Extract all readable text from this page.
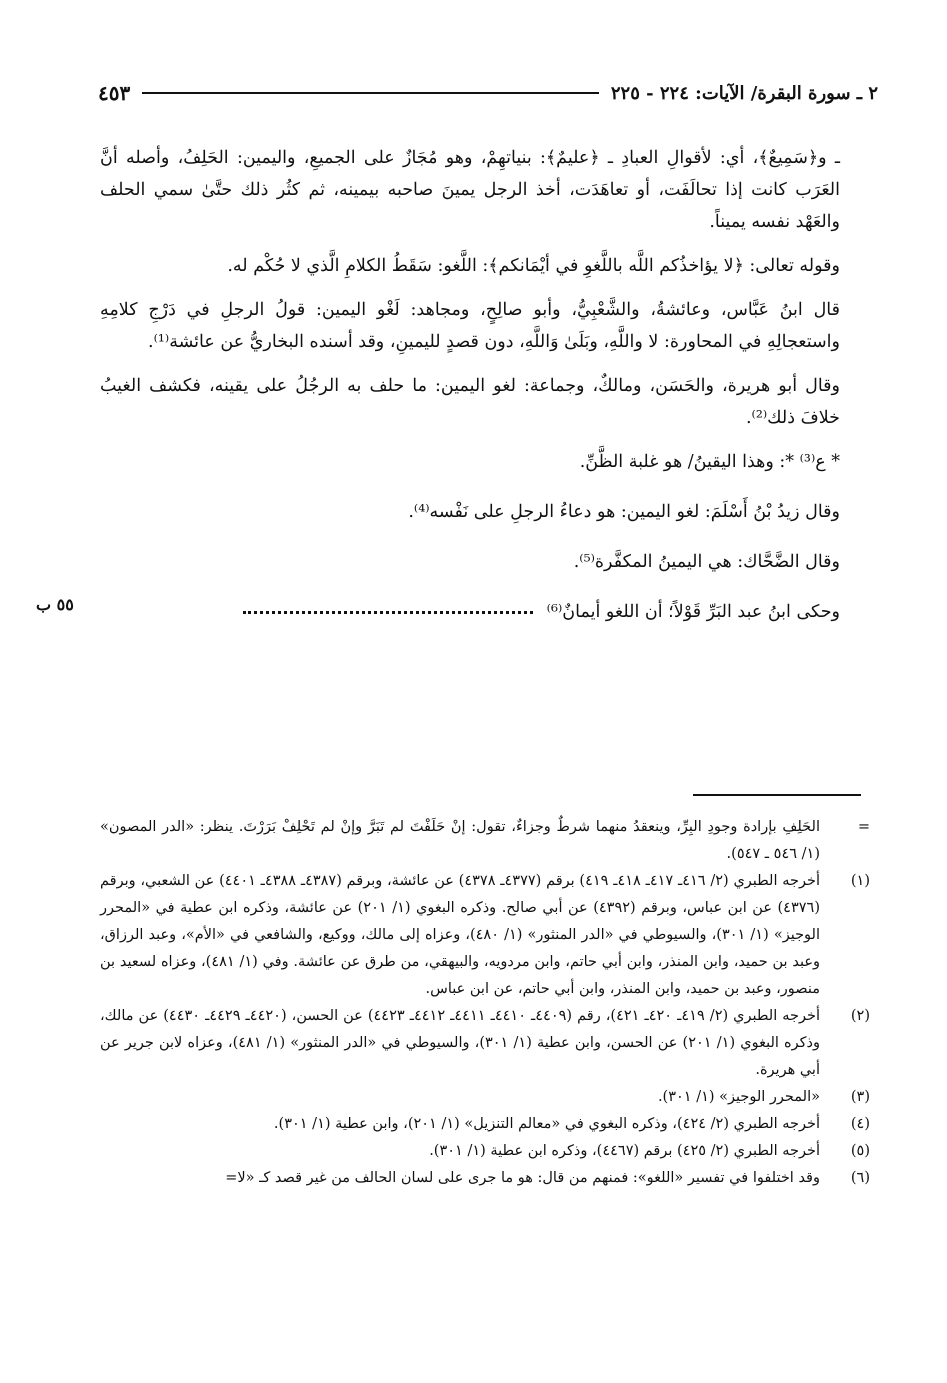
٢ ـ سورة البقرة/ الآيات: ٢٢٤ - ٢٢٥
٤٥٣

ـ و﴿سَمِيعٌ﴾، أي: لأقوالِ العبادِ ـ ﴿عليمٌ﴾: بنياتهِمْ، وهو مُجَازٌ على الجميعِ، واليمين: الحَلِفُ، وأصله أنَّ العَرَب كانت إذا تحالَفَت، أو تعاهَدَت، أخذ الرجل يمينَ صاحبه بيمينه، ثم كثُر ذلك حتَّىٰ سمي الحلف والعَهْد نفسه يميناً.

وقوله تعالى: ﴿لا يؤاخذُكم اللَّه باللَّغوِ في أيْمَانكم﴾: اللَّغو: سَقَطُ الكلامِ الَّذي لا حُكْم له.

قال ابنُ عَبَّاس، وعائشةُ، والشَّعْبِيُّ، وأبو صالِحٍ، ومجاهد: لَغْو اليمين: قولُ الرجلِ في دَرْجِ كلامِهِ واستعجالِهِ في المحاورة: لا واللَّهِ، وبَلَىٰ وَاللَّهِ، دون قصدٍ لليمينِ، وقد أسنده البخاريُّ عن عائشة⁽¹⁾.

وقال أبو هريرة، والحَسَن، ومالكٌ، وجماعة: لغو اليمين: ما حلف به الرجُلُ على يقينه، فكشف الغيبُ خلافَ ذلك⁽²⁾.

* ع⁽³⁾ *: وهذا اليقينُ/ هو غلبة الظَّنِّ.

وقال زيدُ بْنُ أَسْلَمَ: لغو اليمين: هو دعاءُ الرجلِ على نَفْسه⁽⁴⁾.

وقال الضَّحَّاك: هي اليمينُ المكفَّرة⁽⁵⁾.

وحكى ابنُ عبد البَرِّ قَوْلاً؛ أن اللغو أيمانٌ⁽⁶⁾

٥٥ ب
=
الحَلِفِ بإرادة وجودِ البِرِّ، وينعقدُ منهما شرطٌ وجزاءٌ، تقول: إنْ حَلَفْتَ لم تَبَرَّ وإنْ لم تَحْلِفْ بَرَرْتَ. ينظر: «الدر المصون» (١/ ٥٤٦ ـ ٥٤٧).
(١)
أخرجه الطبري (٢/ ٤١٦ـ ٤١٧ـ ٤١٨ـ ٤١٩) برقم (٤٣٧٧ـ ٤٣٧٨) عن عائشة، وبرقم (٤٣٨٧ـ ٤٣٨٨ـ ٤٤٠١) عن الشعبي، وبرقم (٤٣٧٦) عن ابن عباس، وبرقم (٤٣٩٢) عن أبي صالح. وذكره البغوي (١/ ٢٠١) عن عائشة، وذكره ابن عطية في «المحرر الوجيز» (١/ ٣٠١)، والسيوطي في «الدر المنثور» (١/ ٤٨٠)، وعزاه إلى مالك، ووكيع، والشافعي في «الأم»، وعبد الرزاق، وعبد بن حميد، وابن المنذر، وابن أبي حاتم، وابن مردويه، والبيهقي، من طرق عن عائشة. وفي (١/ ٤٨١)، وعزاه لسعيد بن منصور، وعبد بن حميد، وابن المنذر، وابن أبي حاتم، عن ابن عباس.
(٢)
أخرجه الطبري (٢/ ٤١٩ـ ٤٢٠ـ ٤٢١)، رقم (٤٤٠٩ـ ٤٤١٠ـ ٤٤١١ـ ٤٤١٢ـ ٤٤٢٣) عن الحسن، (٤٤٢٠ـ ٤٤٢٩ـ ٤٤٣٠) عن مالك، وذكره البغوي (١/ ٢٠١) عن الحسن، وابن عطية (١/ ٣٠١)، والسيوطي في «الدر المنثور» (١/ ٤٨١)، وعزاه لابن جرير عن أبي هريرة.
(٣)
«المحرر الوجيز» (١/ ٣٠١).
(٤)
أخرجه الطبري (٢/ ٤٢٤)، وذكره البغوي في «معالم التنزيل» (١/ ٢٠١)، وابن عطية (١/ ٣٠١).
(٥)
أخرجه الطبري (٢/ ٤٢٥) برقم (٤٤٦٧)، وذكره ابن عطية (١/ ٣٠١).
(٦)
وقد اختلفوا في تفسير «اللغو»: فمنهم من قال: هو ما جرى على لسان الحالف من غير قصد كـ «لا=
